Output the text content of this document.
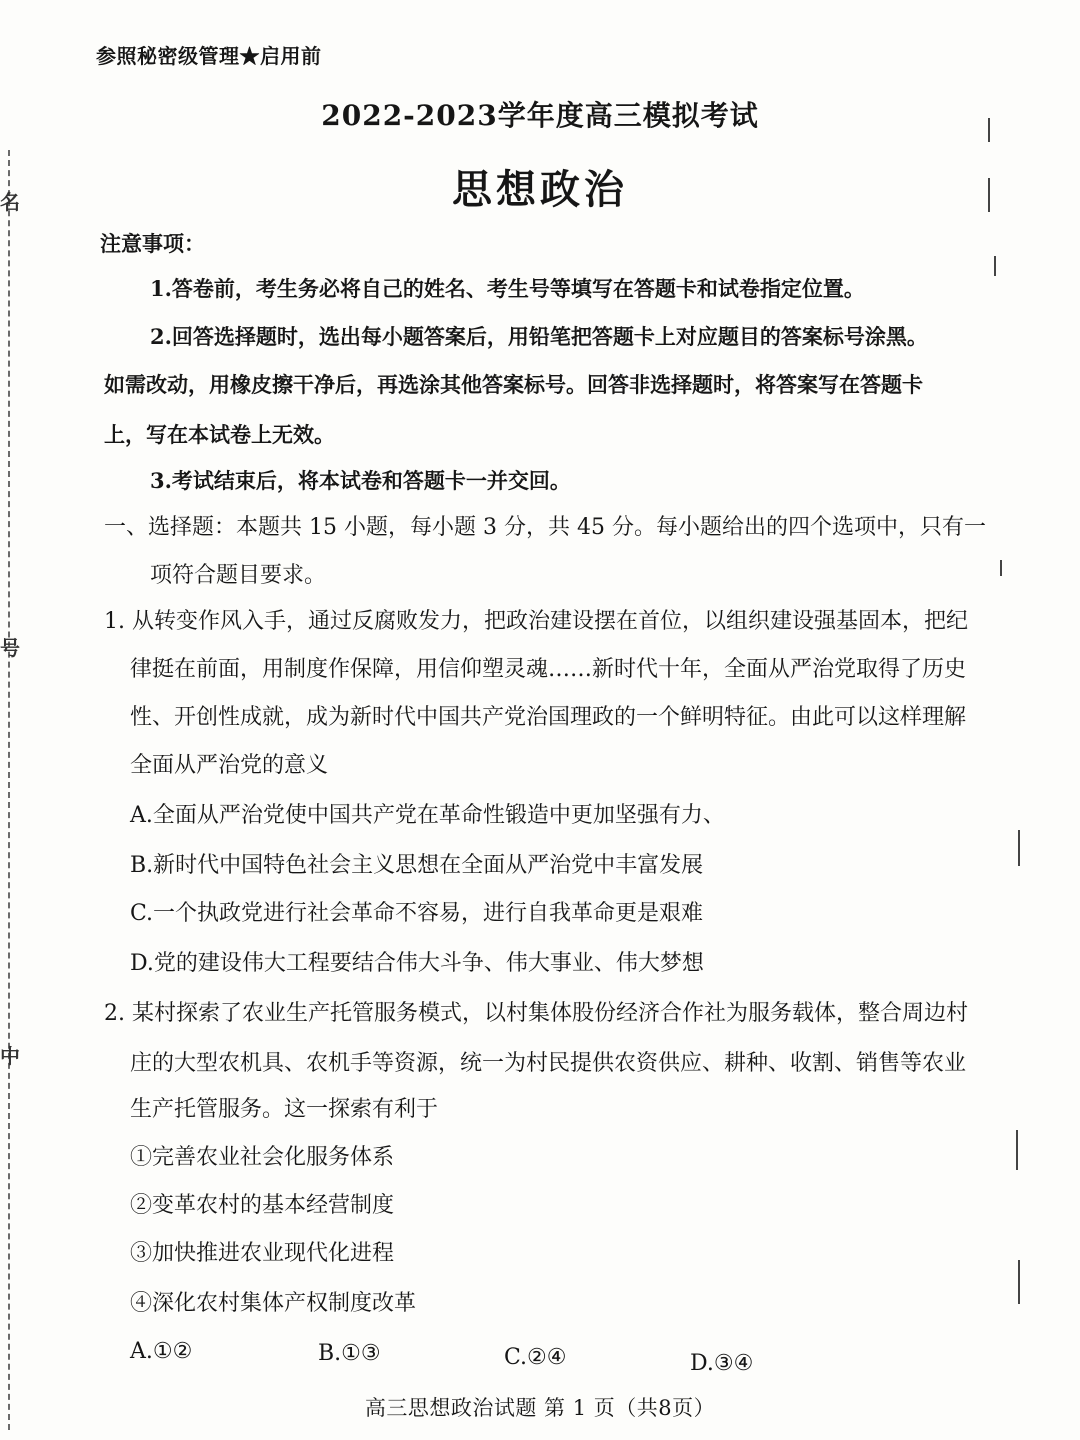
名
号
中
参照秘密级管理★启用前
2022-2023学年度高三模拟考试
思想政治
注意事项：
1.答卷前，考生务必将自己的姓名、考生号等填写在答题卡和试卷指定位置。
2.回答选择题时，选出每小题答案后，用铅笔把答题卡上对应题目的答案标号涂黑。
如需改动，用橡皮擦干净后，再选涂其他答案标号。回答非选择题时，将答案写在答题卡
上，写在本试卷上无效。
3.考试结束后，将本试卷和答题卡一并交回。
一、选择题：本题共 15 小题，每小题 3 分，共 45 分。每小题给出的四个选项中，只有一
项符合题目要求。
1. 从转变作风入手，通过反腐败发力，把政治建设摆在首位，以组织建设强基固本，把纪
律挺在前面，用制度作保障，用信仰塑灵魂……新时代十年，全面从严治党取得了历史
性、开创性成就，成为新时代中国共产党治国理政的一个鲜明特征。由此可以这样理解
全面从严治党的意义
A.全面从严治党使中国共产党在革命性锻造中更加坚强有力、
B.新时代中国特色社会主义思想在全面从严治党中丰富发展
C.一个执政党进行社会革命不容易，进行自我革命更是艰难
D.党的建设伟大工程要结合伟大斗争、伟大事业、伟大梦想
2. 某村探索了农业生产托管服务模式，以村集体股份经济合作社为服务载体，整合周边村
庄的大型农机具、农机手等资源，统一为村民提供农资供应、耕种、收割、销售等农业
生产托管服务。这一探索有利于
①完善农业社会化服务体系
②变革农村的基本经营制度
③加快推进农业现代化进程
④深化农村集体产权制度改革
A.①②	B.①③	C.②④	D.③④
高三思想政治试题 第 1 页（共8页）
